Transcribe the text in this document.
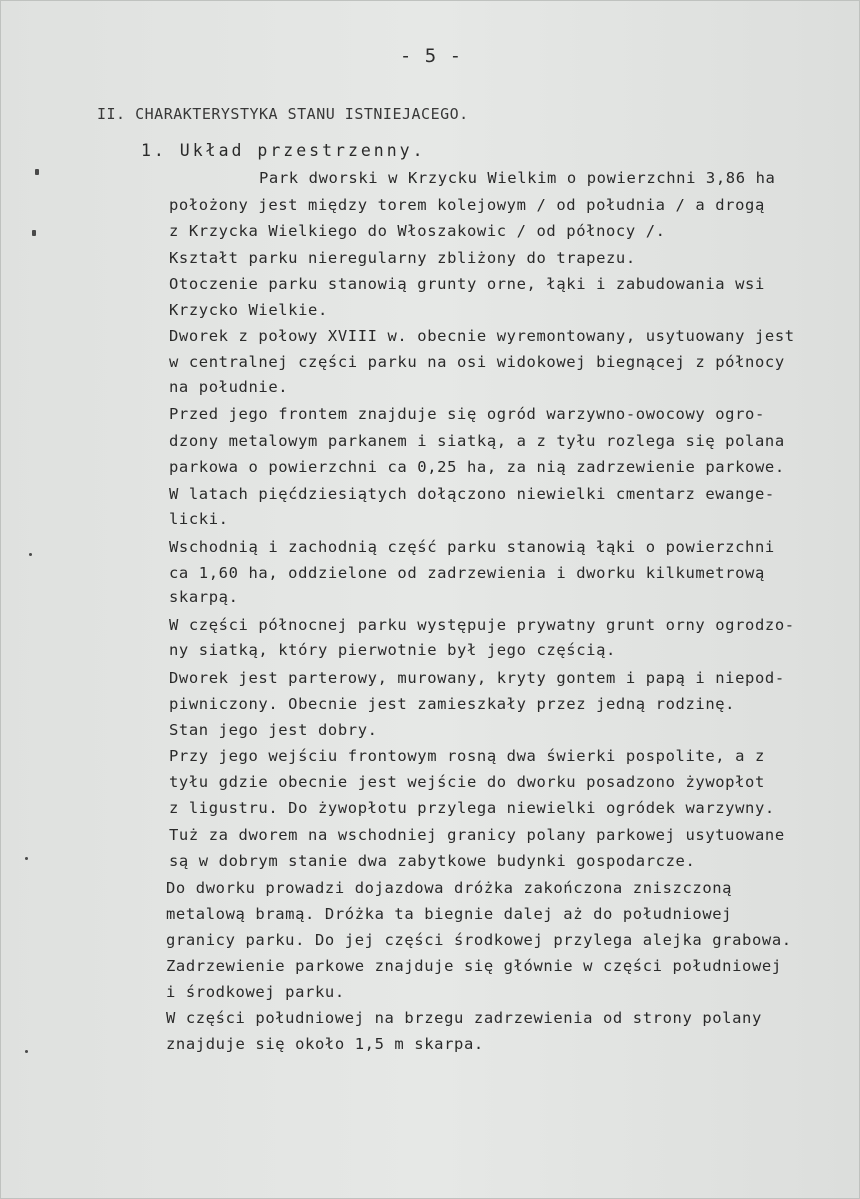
- 5 -
II. CHARAKTERYSTYKA STANU ISTNIEJACEGO.
1. Układ przestrzenny.
Park dworski w Krzycku Wielkim o powierzchni 3,86 ha
położony jest między torem kolejowym / od południa / a drogą
z Krzycka Wielkiego do Włoszakowic / od północy /.
Kształt parku nieregularny zbliżony do trapezu.
Otoczenie parku stanowią grunty orne, łąki i zabudowania wsi
Krzycko Wielkie.
Dworek z połowy XVIII w. obecnie wyremontowany, usytuowany jest
w centralnej części parku na osi widokowej biegnącej z północy
na południe.
Przed jego frontem znajduje się ogród warzywno-owocowy ogro-
dzony metalowym parkanem i siatką, a z tyłu rozlega się polana
parkowa o powierzchni ca 0,25 ha, za nią zadrzewienie parkowe.
W latach pięćdziesiątych dołączono niewielki cmentarz ewange-
licki.
Wschodnią i zachodnią część parku stanowią łąki o powierzchni
ca 1,60 ha, oddzielone od zadrzewienia i dworku kilkumetrową
skarpą.
W części północnej parku występuje prywatny grunt orny ogrodzo-
ny siatką, który pierwotnie był jego częścią.
Dworek jest parterowy, murowany, kryty gontem i papą i niepod-
piwniczony. Obecnie jest zamieszkały przez jedną rodzinę.
Stan jego jest dobry.
Przy jego wejściu frontowym rosną dwa świerki pospolite, a z
tyłu gdzie obecnie jest wejście do dworku posadzono żywopłot
z ligustru. Do żywopłotu przylega niewielki ogródek warzywny.
Tuż za dworem na wschodniej granicy polany parkowej usytuowane
są w dobrym stanie dwa zabytkowe budynki gospodarcze.
Do dworku prowadzi dojazdowa dróżka zakończona zniszczoną
metalową bramą. Dróżka ta biegnie dalej aż do południowej
granicy parku. Do jej części środkowej przylega alejka grabowa.
Zadrzewienie parkowe znajduje się głównie w części południowej
i środkowej parku.
W części południowej na brzegu zadrzewienia od strony polany
znajduje się około 1,5 m skarpa.
